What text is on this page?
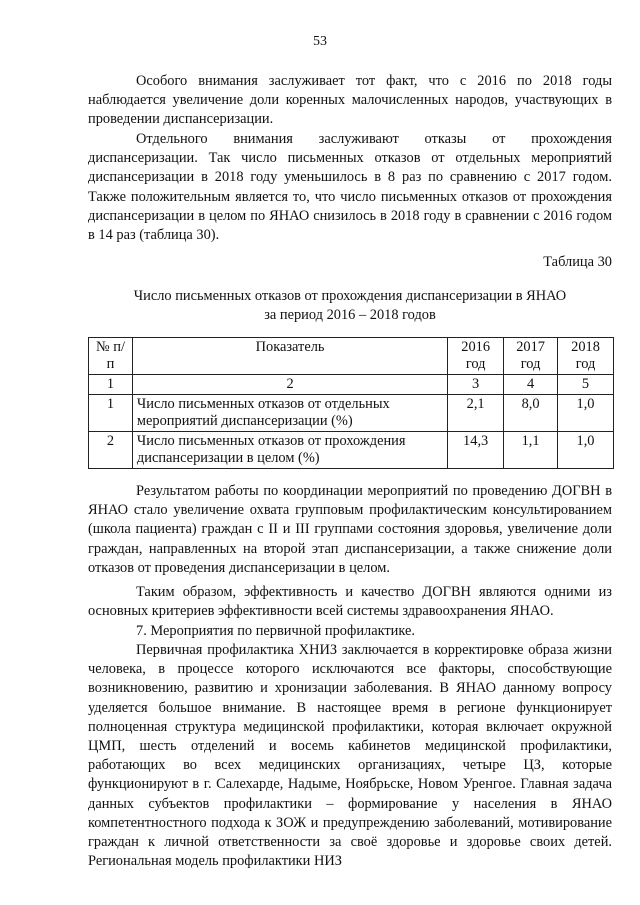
53

Особого внимания заслуживает тот факт, что с 2016 по 2018 годы наблюдается увеличение доли коренных малочисленных народов, участвующих в проведении диспансеризации.

Отдельного внимания заслуживают отказы от прохождения диспансеризации. Так число письменных отказов от отдельных мероприятий диспансеризации в 2018 году уменьшилось в 8 раз по сравнению с 2017 годом. Также положительным является то, что число письменных отказов от прохождения диспансеризации в целом по ЯНАО снизилось в 2018 году в сравнении с 2016 годом в 14 раз (таблица 30).

Таблица 30
Число письменных отказов от прохождения диспансеризации в ЯНАО
за период 2016 – 2018 годов
№ п/п	Показатель	2016 год	2017 год	2018 год
1	2	3	4	5
1	Число письменных отказов от отдельных мероприятий диспансеризации (%)	2,1	8,0	1,0
2	Число письменных отказов от прохождения диспансеризации в целом (%)	14,3	1,1	1,0

Результатом работы по координации мероприятий по проведению ДОГВН в ЯНАО стало увеличение охвата групповым профилактическим консультированием (школа пациента) граждан с II и III группами состояния здоровья, увеличение доли граждан, направленных на второй этап диспансеризации, а также снижение доли отказов от проведения диспансеризации в целом.

Таким образом, эффективность и качество ДОГВН являются одними из основных критериев эффективности всей системы здравоохранения ЯНАО.

7. Мероприятия по первичной профилактике.

Первичная профилактика ХНИЗ заключается в корректировке образа жизни человека, в процессе которого исключаются все факторы, способствующие возникновению, развитию и хронизации заболевания. В ЯНАО данному вопросу уделяется большое внимание. В настоящее время в регионе функционирует полноценная структура медицинской профилактики, которая включает окружной ЦМП, шесть отделений и восемь кабинетов медицинской профилактики, работающих во всех медицинских организациях, четыре ЦЗ, которые функционируют в г. Салехарде, Надыме, Ноябрьске, Новом Уренгое. Главная задача данных субъектов профилактики – формирование у населения в ЯНАО компетентностного подхода к ЗОЖ и предупреждению заболеваний, мотивирование граждан к личной ответственности за своё здоровье и здоровье своих детей. Региональная модель профилактики НИЗ
